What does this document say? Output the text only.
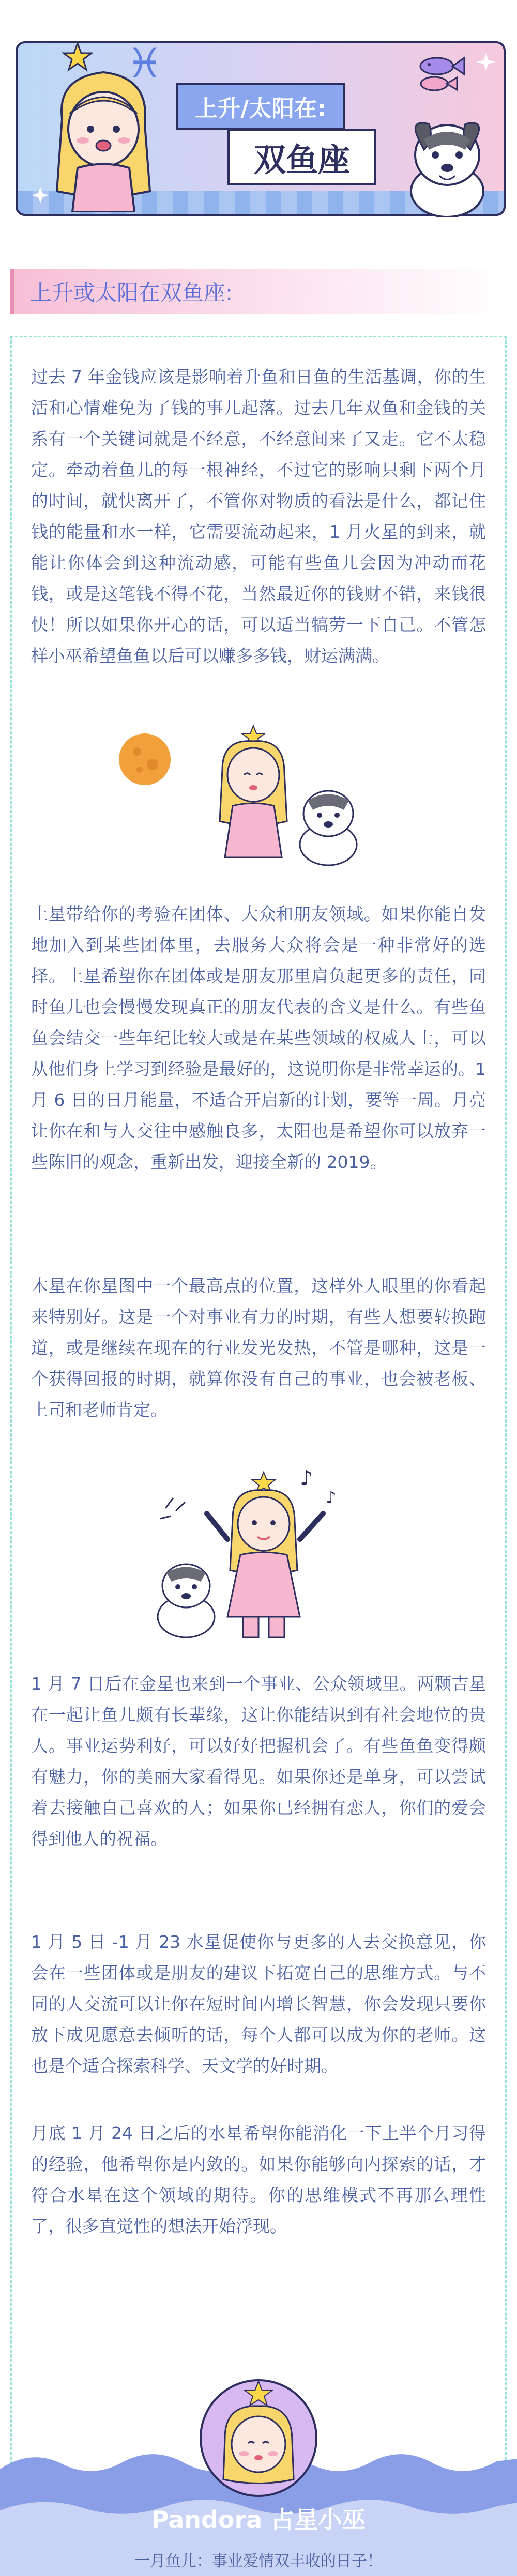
♓
上升/太阳在:
双鱼座
上升或太阳在双鱼座:

过去 7 年金钱应该是影响着升鱼和日鱼的生活基调，你的生活和心情难免为了钱的事儿起落。过去几年双鱼和金钱的关系有一个关键词就是不经意，不经意间来了又走。它不太稳定。牵动着鱼儿的每一根神经，不过它的影响只剩下两个月的时间，就快离开了，不管你对物质的看法是什么，都记住钱的能量和水一样，它需要流动起来，1 月火星的到来，就能让你体会到这种流动感，可能有些鱼儿会因为冲动而花钱，或是这笔钱不得不花，当然最近你的钱财不错，来钱很快！所以如果你开心的话，可以适当犒劳一下自己。不管怎样小巫希望鱼鱼以后可以赚多多钱，财运满满。

土星带给你的考验在团体、大众和朋友领域。如果你能自发地加入到某些团体里，去服务大众将会是一种非常好的选择。土星希望你在团体或是朋友那里肩负起更多的责任，同时鱼儿也会慢慢发现真正的朋友代表的含义是什么。有些鱼鱼会结交一些年纪比较大或是在某些领域的权威人士，可以从他们身上学习到经验是最好的，这说明你是非常幸运的。1月 6 日的日月能量，不适合开启新的计划，要等一周。月亮让你在和与人交往中感触良多，太阳也是希望你可以放弃一些陈旧的观念，重新出发，迎接全新的 2019。

木星在你星图中一个最高点的位置，这样外人眼里的你看起来特别好。这是一个对事业有力的时期，有些人想要转换跑道，或是继续在现在的行业发光发热，不管是哪种，这是一个获得回报的时期，就算你没有自己的事业，也会被老板、上司和老师肯定。

♪
♪

1 月 7 日后在金星也来到一个事业、公众领域里。两颗吉星在一起让鱼儿颇有长辈缘，这让你能结识到有社会地位的贵人。事业运势利好，可以好好把握机会了。有些鱼鱼变得颇有魅力，你的美丽大家看得见。如果你还是单身，可以尝试着去接触自己喜欢的人；如果你已经拥有恋人，你们的爱会得到他人的祝福。

1 月 5 日 -1 月 23 水星促使你与更多的人去交换意见，你会在一些团体或是朋友的建议下拓宽自己的思维方式。与不同的人交流可以让你在短时间内增长智慧，你会发现只要你放下成见愿意去倾听的话，每个人都可以成为你的老师。这也是个适合探索科学、天文学的好时期。

月底 1 月 24 日之后的水星希望你能消化一下上半个月习得的经验，他希望你是内敛的。如果你能够向内探索的话，才符合水星在这个领域的期待。你的思维模式不再那么理性了，很多直觉性的想法开始浮现。

Pandora 占星小巫
一月鱼儿：事业爱情双丰收的日子！
